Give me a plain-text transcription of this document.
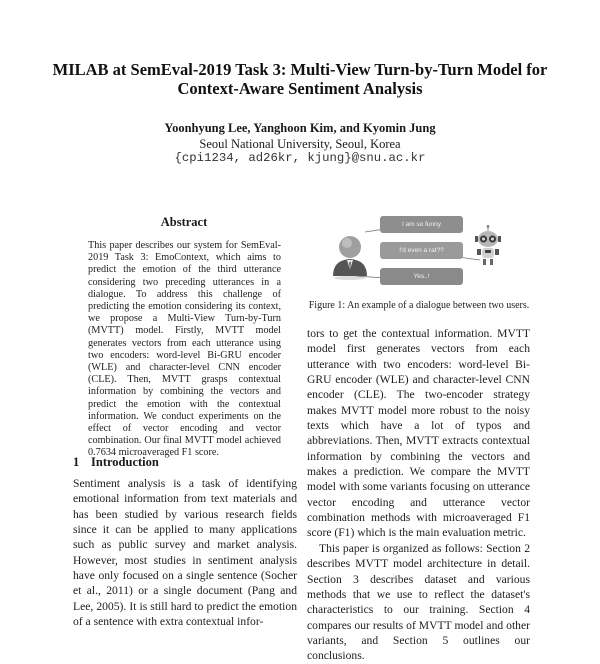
MILAB at SemEval-2019 Task 3: Multi-View Turn-by-Turn Model for
Context-Aware Sentiment Analysis
Yoonhyung Lee, Yanghoon Kim, and Kyomin Jung
Seoul National University, Seoul, Korea
{cpi1234, ad26kr, kjung}@snu.ac.kr
Abstract
This paper describes our system for SemEval-2019 Task 3: EmoContext, which aims to predict the emotion of the third utterance considering two preceding utterances in a dialogue. To address this challenge of predicting the emotion considering its context, we propose a Multi-View Turn-by-Turn (MVTT) model. Firstly, MVTT model generates vectors from each utterance using two encoders: word-level Bi-GRU encoder (WLE) and character-level CNN encoder (CLE). Then, MVTT grasps contextual information by combining the vectors and predict the emotion with the contextual information. We conduct experiments on the effect of vector encoding and vector combination. Our final MVTT model achieved 0.7634 microaveraged F1 score.
1 Introduction

Sentiment analysis is a task of identifying emotional information from text materials and has been studied by various research fields since it can be applied to many applications such as public survey and market analysis. However, most studies in sentiment analysis have only focused on a single sentence (Socher et al., 2011) or a single document (Pang and Lee, 2005). It is still hard to predict the emotion of a sentence with extra contextual infor-

I am so funny
I'd even a rat??
Yes..!
Figure 1: An example of a dialogue between two users.

tors to get the contextual information. MVTT model first generates vectors from each utterance with two encoders: word-level Bi-GRU encoder (WLE) and character-level CNN encoder (CLE). The two-encoder strategy makes MVTT model more robust to the noisy texts which have a lot of typos and abbreviations. Then, MVTT extracts contextual information by combining the vectors and makes a prediction. We compare the MVTT model with some variants focusing on utterance vector encoding and utterance vector combination methods with microaveraged F1 score (F1) which is the main evaluation metric.

This paper is organized as follows: Section 2 describes MVTT model architecture in detail. Section 3 describes dataset and various methods that we use to reflect the dataset's characteristics to our training. Section 4 compares our results of MVTT model and other variants, and Section 5 outlines our conclusions.
